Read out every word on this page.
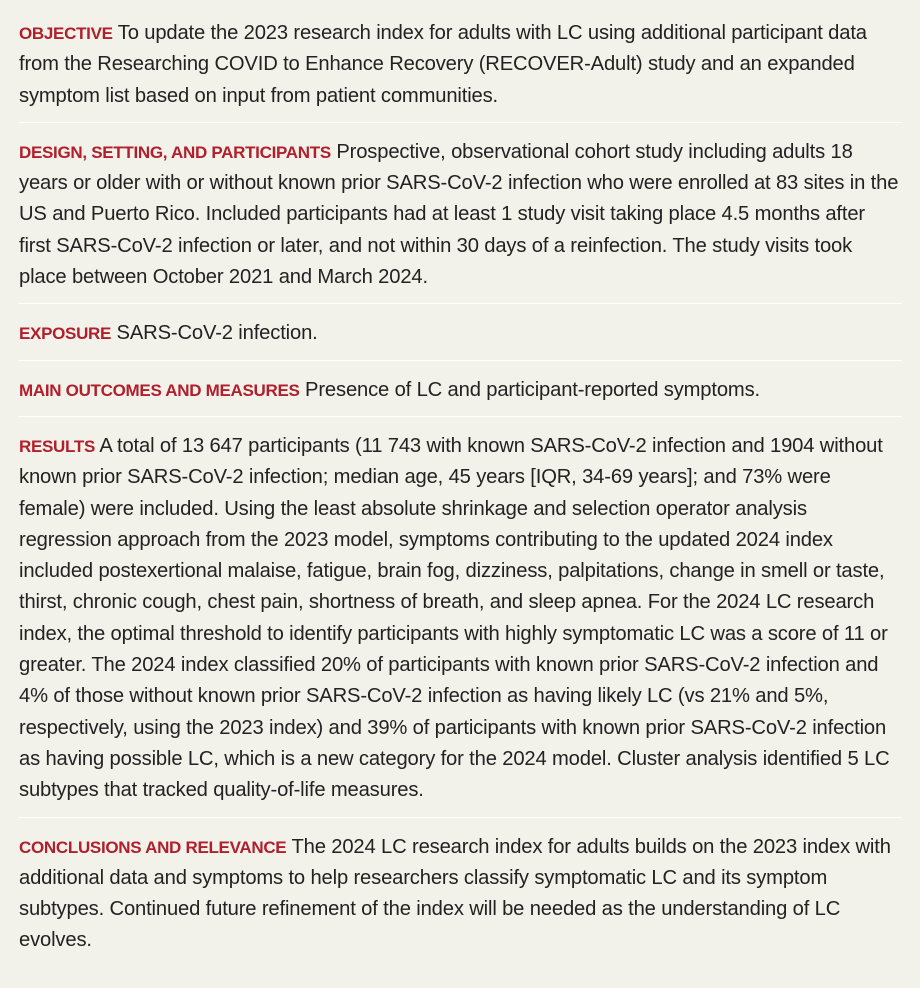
OBJECTIVE To update the 2023 research index for adults with LC using additional participant data from the Researching COVID to Enhance Recovery (RECOVER-Adult) study and an expanded symptom list based on input from patient communities.

DESIGN, SETTING, AND PARTICIPANTS Prospective, observational cohort study including adults 18 years or older with or without known prior SARS-CoV-2 infection who were enrolled at 83 sites in the US and Puerto Rico. Included participants had at least 1 study visit taking place 4.5 months after first SARS-CoV-2 infection or later, and not within 30 days of a reinfection. The study visits took place between October 2021 and March 2024.

EXPOSURE SARS-CoV-2 infection.

MAIN OUTCOMES AND MEASURES Presence of LC and participant-reported symptoms.

RESULTS A total of 13 647 participants (11 743 with known SARS-CoV-2 infection and 1904 without known prior SARS-CoV-2 infection; median age, 45 years [IQR, 34-69 years]; and 73% were female) were included. Using the least absolute shrinkage and selection operator analysis regression approach from the 2023 model, symptoms contributing to the updated 2024 index included postexertional malaise, fatigue, brain fog, dizziness, palpitations, change in smell or taste, thirst, chronic cough, chest pain, shortness of breath, and sleep apnea. For the 2024 LC research index, the optimal threshold to identify participants with highly symptomatic LC was a score of 11 or greater. The 2024 index classified 20% of participants with known prior SARS-CoV-2 infection and 4% of those without known prior SARS-CoV-2 infection as having likely LC (vs 21% and 5%, respectively, using the 2023 index) and 39% of participants with known prior SARS-CoV-2 infection as having possible LC, which is a new category for the 2024 model. Cluster analysis identified 5 LC subtypes that tracked quality-of-life measures.

CONCLUSIONS AND RELEVANCE The 2024 LC research index for adults builds on the 2023 index with additional data and symptoms to help researchers classify symptomatic LC and its symptom subtypes. Continued future refinement of the index will be needed as the understanding of LC evolves.
